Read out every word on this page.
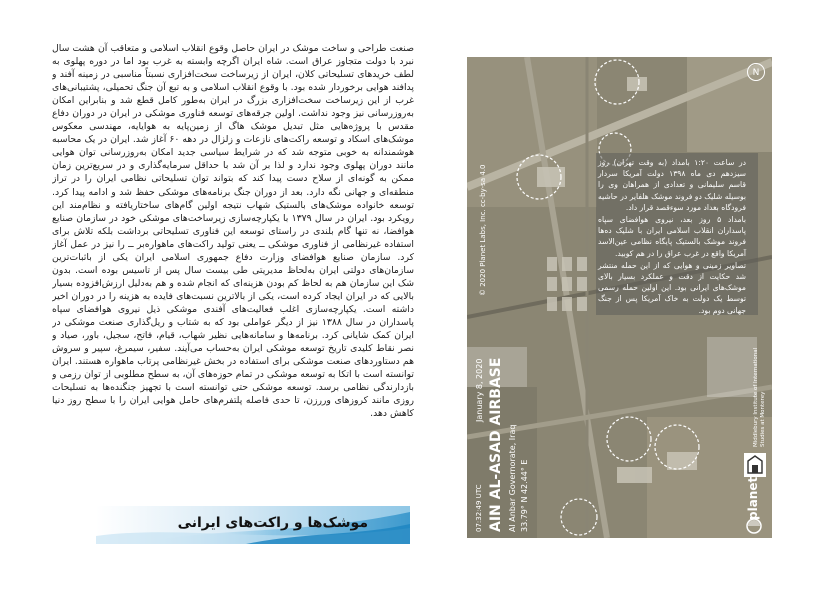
صنعت طراحی و ساخت موشک در ایران حاصل وقوع انقلاب اسلامی و متعاقب آن هشت سال نبرد با دولت متجاوز عراق است. شاه ایران اگرچه وابسته به غرب بود اما در دوره پهلوی به لطف خریدهای تسلیحاتی کلان، ایران از زیرساخت سخت‌افزاری نسبتاً مناسبی در زمینه آفند و پدافند هوایی برخوردار شده بود. با وقوع انقلاب اسلامی و به تبع آن جنگ تحمیلی، پشتیبانی‌های غرب از این زیرساخت سخت‌افزاری بزرگ در ایران به‌طور کامل قطع شد و بنابراین امکان به‌روزرسانی نیز وجود نداشت. اولین جرقه‌های توسعه فناوری موشکی در ایران در دوران دفاع مقدس با پروژه‌هایی مثل تبدیل موشک هاگ از زمین‌پایه به هوایایه، مهندسی معکوس موشک‌های اسکاد و توسعه راکت‌های نازعات و زلزال در دهه ۶۰ آغاز شد. ایران در یک محاسبه هوشمندانه به خوبی متوجه شد که در شرایط سیاسی جدید امکان به‌روزرسانی توان هوایی مانند دوران پهلوی وجود ندارد و لذا بر آن شد با حداقل سرمایه‌گذاری و در سریع‌ترین زمان ممکن به گونه‌ای از سلاح دست پیدا کند که بتواند توان تسلیحاتی نظامی ایران را در تراز منطقه‌ای و جهانی نگه دارد. بعد از دوران جنگ برنامه‌های موشکی حفظ شد و ادامه پیدا کرد. توسعه خانواده موشک‌های بالستیک شهاب نتیجه اولین گام‌های ساختاریافته و نظام‌مند این رویکرد بود. ایران در سال ۱۳۷۹ با یکپارچه‌سازی زیرساخت‌های موشکی خود در سازمان صنایع هوافضا، نه تنها گام بلندی در راستای توسعه این فناوری تسلیحاتی برداشت بلکه تلاش برای استفاده غیرنظامی از فناوری موشکی ــ یعنی تولید راکت‌های ماهواره‌بر ــ را نیز در عمل آغاز کرد. سازمان صنایع هوافضای وزارت دفاع جمهوری اسلامی ایران یکی از باثبات‌ترین سازمان‌های دولتی ایران به‌لحاظ مدیریتی طی بیست سال پس از تاسیس بوده است. بدون شک این سازمان هم به لحاظ کم بودن هزینه‌ای که انجام شده و هم به‌دلیل ارزش‌افزوده بسیار بالایی که در ایران ایجاد کرده است، یکی از بالاترین نسبت‌های فایده به هزینه را در دوران اخیر داشته است. یکپارچه‌سازی اغلب فعالیت‌های آفندی موشکی ذیل نیروی هوافضای سپاه پاسداران در سال ۱۳۸۸ نیز از دیگر عواملی بود که به شتاب و ریل‌گذاری صنعت موشکی در ایران کمک شایانی کرد. برنامه‌ها و سامانه‌هایی نظیر شهاب، قیام، فاتح، سجیل، باور، صیاد و نصر نقاط کلیدی تاریخ توسعه موشکی ایران به‌حساب می‌آیند. سفیر، سیمرغ، سپیر و سروش هم دستاوردهای صنعت موشکی برای استفاده در بخش غیرنظامی پرتاب ماهواره هستند. ایران توانسته است با اتکا به توسعه موشکی در تمام حوزه‌های آن، به سطح مطلوبی از توان رزمی و بازدارندگی نظامی برسد. توسعه موشکی حتی توانسته است با تجهیز جنگنده‌ها به تسلیحات روزی مانند کروزهای وررزن، تا حدی فاصله پلتفرم‌های حامل هوایی ایران را با سطح روز دنیا کاهش دهد.

موشک‌ها و راکت‌های ایرانی
N
© 2020 Planet Labs, Inc. cc-by-sa 4.0
January 8, 2020 AIN AL-ASAD AIRBASE Al Anbar Governorate, Iraq 33.79° N 42.44° E
07:32:49 UTC

در ساعت ۱:۲۰ بامداد (به وقت تهران) روز سیزدهم دی ماه ۱۳۹۸ دولت آمریکا سردار قاسم سلیمانی و تعدادی از همراهان وی را بوسیله شلیک دو فروند موشک هلفایر در حاشیه فرودگاه بغداد مورد سوءقصد قرار داد.

بامداد ۵ روز بعد، نیروی هوافضای سپاه پاسداران انقلاب اسلامی ایران با شلیک ده‌ها فروند موشک بالستیک پایگاه نظامی عین‌الاسد آمریکا واقع در غرب عراق را در هم کوبید.

تصاویر زمینی و هوایی که از این حمله منتشر شد حکایت از دقت و عملکرد بسیار بالای موشک‌های ایرانی بود. این اولین حمله رسمی توسط یک دولت به خاک آمریکا پس از جنگ جهانی دوم بود.

Middlebury Institute of International Studies at Monterey
planet
